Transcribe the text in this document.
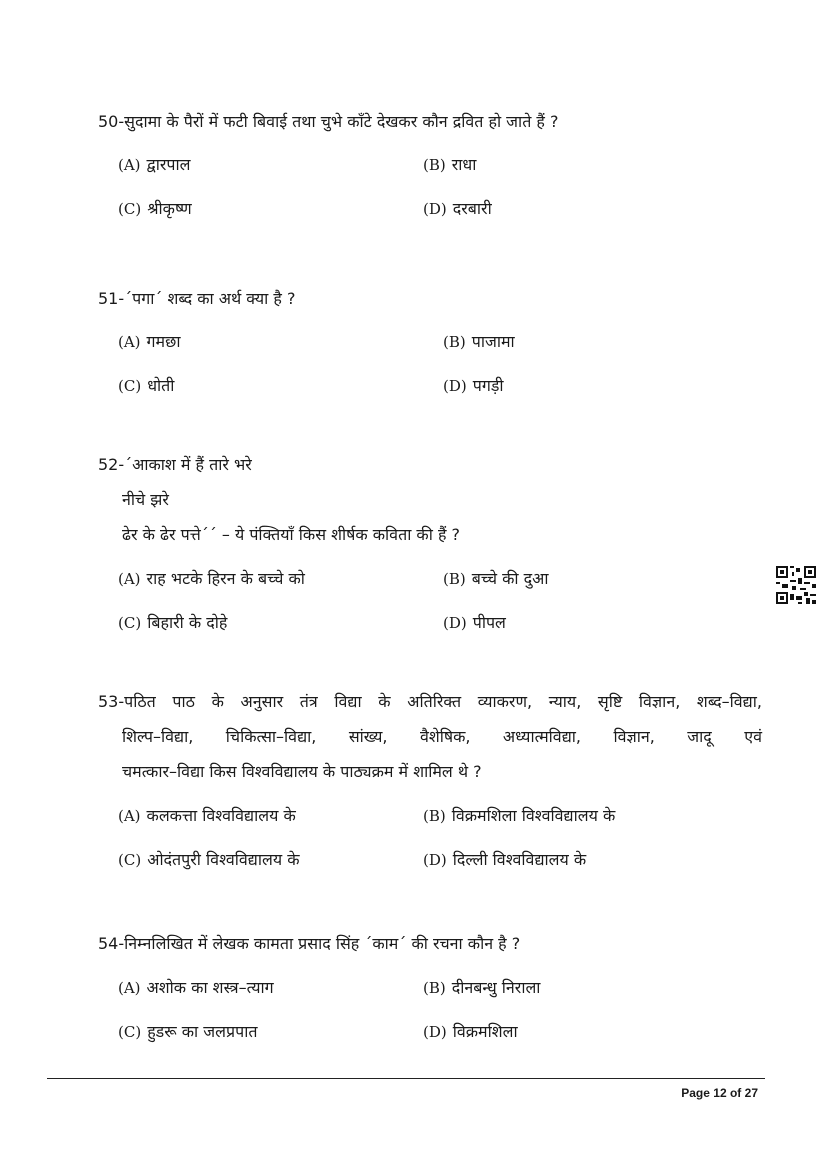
50-सुदामा के पैरों में फटी बिवाई तथा चुभे काँटे देखकर कौन द्रवित हो जाते हैं ?
(A) द्वारपाल	(B) राधा
(C) श्रीकृष्ण	(D) दरबारी
51-´पगा´ शब्द का अर्थ क्या है ?
(A) गमछा	(B) पाजामा
(C) धोती	(D) पगड़ी
52-´आकाश में हैं तारे भरे
नीचे झरे
ढेर के ढेर पत्ते´´ – ये पंक्तियाँ किस शीर्षक कविता की हैं ?
(A) राह भटके हिरन के बच्चे को	(B) बच्चे की दुआ
(C) बिहारी के दोहे	(D) पीपल
53-पठित पाठ के अनुसार तंत्र विद्या के अतिरिक्त व्याकरण, न्याय, सृष्टि विज्ञान, शब्द–विद्या,
शिल्प–विद्या, चिकित्सा–विद्या, सांख्य, वैशेषिक, अध्यात्मविद्या, विज्ञान, जादू एवं
चमत्कार–विद्या किस विश्वविद्यालय के पाठ्यक्रम में शामिल थे ?
(A) कलकत्ता विश्वविद्यालय के	(B) विक्रमशिला विश्वविद्यालय के
(C) ओदंतपुरी विश्वविद्यालय के	(D) दिल्ली विश्वविद्यालय के
54-निम्नलिखित में लेखक कामता प्रसाद सिंह ´काम´ की रचना कौन है ?
(A) अशोक का शस्त्र–त्याग	(B) दीनबन्धु निराला
(C) हुडरू का जलप्रपात	(D) विक्रमशिला
Page 12 of 27
